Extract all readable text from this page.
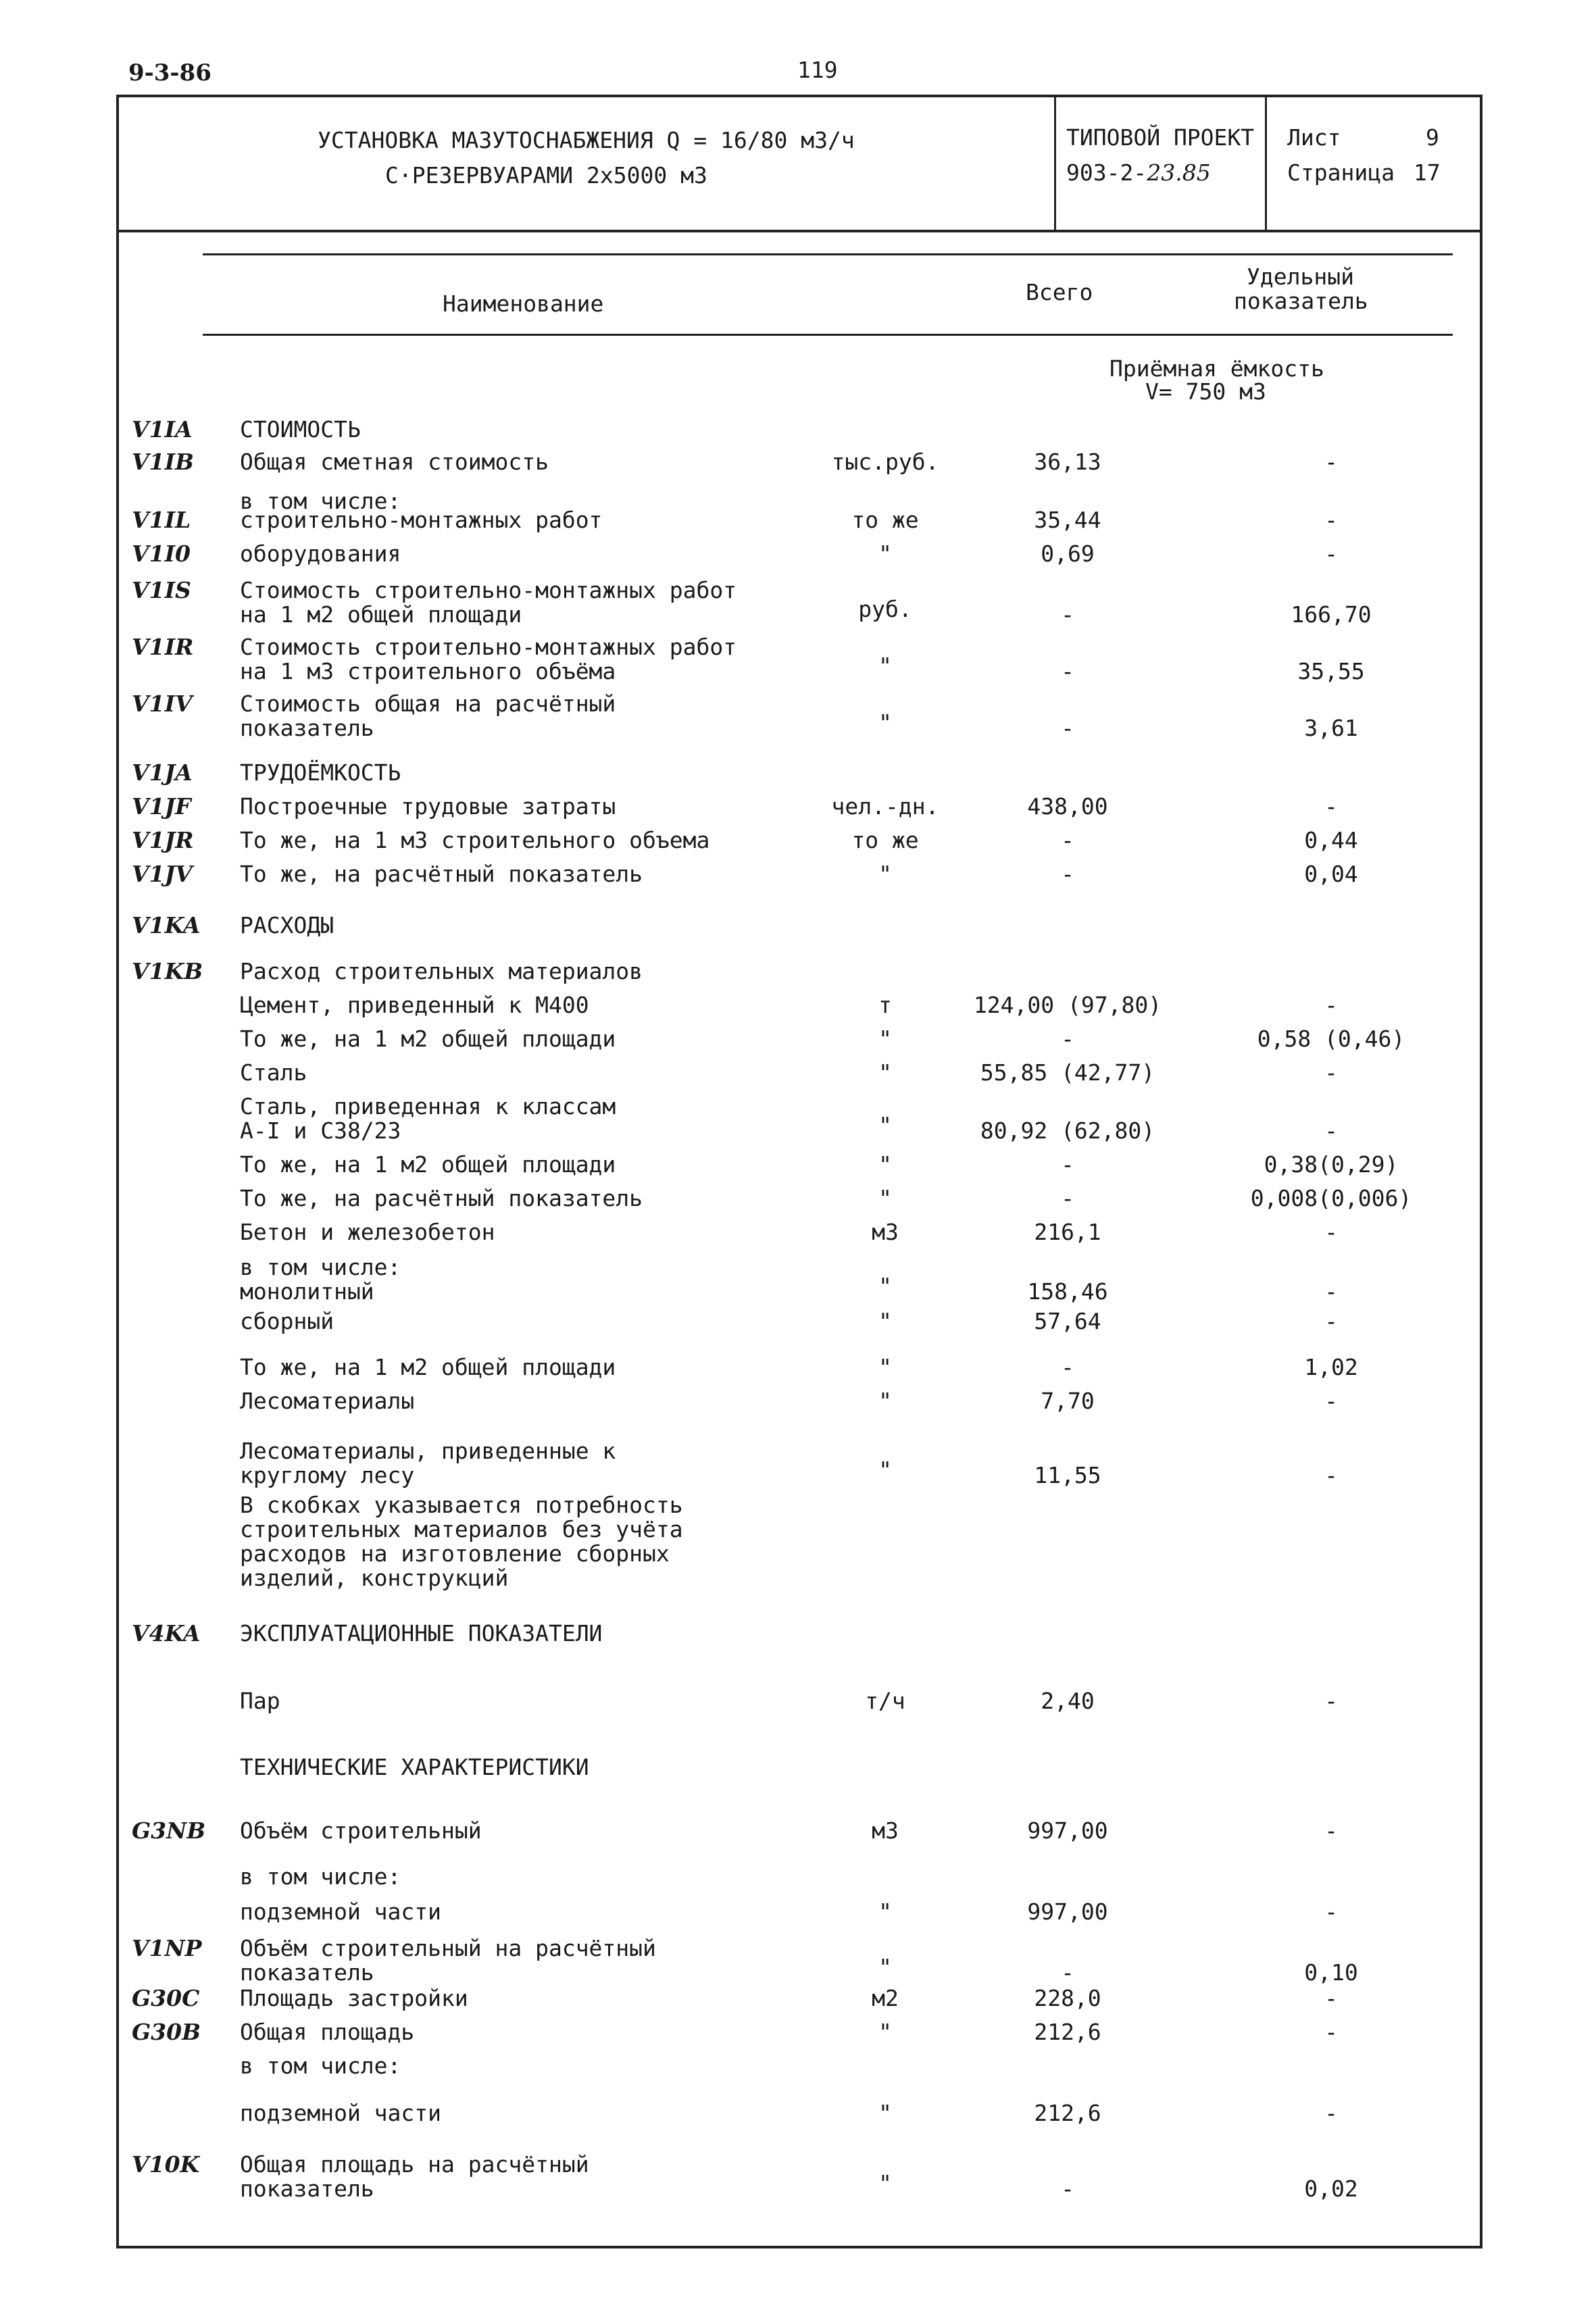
9-3-86	119
УСТАНОВКА МАЗУТОСНАБЖЕНИЯ Q = 16/80 м3/ч
С·РЕЗЕРВУАРАМИ 2х5000 м3
ТИПОВОЙ ПРОЕКТ
903-2-23.85
Лист	9
Страница 17
Наименование	Всего
Удельный
показатель
Приёмная ёмкость
V= 750 м3
V1IA СТОИМОСТЬ
V1IB Общая сметная стоимость	тыс.руб.	36,13	-
в том числе:
V1IL строительно-монтажных работ	то же	35,44	-
V1I0 оборудования	"	0,69	-
V1IS Стоимость строительно-монтажных работ
на 1 м2 общей площади	руб.	-	166,70
V1IR Стоимость строительно-монтажных работ
на 1 м3 строительного объёма	"	-	35,55
V1IV Стоимость общая на расчётный
показатель	"	-	3,61
V1JA ТРУДОЁМКОСТЬ
V1JF Построечные трудовые затраты	чел.-дн.	438,00	-
V1JR То же, на 1 м3 строительного объема	то же	-	0,44
V1JV То же, на расчётный показатель	"	-	0,04
V1KA РАСХОДЫ
V1KB Расход строительных материалов
Цемент, приведенный к М400	т	124,00 (97,80)	-
То же, на 1 м2 общей площади	"	-	0,58 (0,46)
Сталь	"	55,85 (42,77)	-
Сталь, приведенная к классам
А-I и С38/23	"	80,92 (62,80)	-
То же, на 1 м2 общей площади	"	-	0,38(0,29)
То же, на расчётный показатель	"	-	0,008(0,006)
Бетон и железобетон	м3	216,1	-
в том числе:
монолитный	"	158,46	-
сборный	"	57,64	-
То же, на 1 м2 общей площади	"	-	1,02
Лесоматериалы	"	7,70	-
Лесоматериалы, приведенные к
круглому лесу	"	11,55	-
В скобках указывается потребность
строительных материалов без учёта
расходов на изготовление сборных
изделий, конструкций
V4KA ЭКСПЛУАТАЦИОННЫЕ ПОКАЗАТЕЛИ
Пар	т/ч	2,40	-
ТЕХНИЧЕСКИЕ ХАРАКТЕРИСТИКИ
G3NB Объём строительный	м3	997,00	-
в том числе:
подземной части	"	997,00	-
V1NP Объём строительный на расчётный
показатель	"	-	0,10
G30C Площадь застройки	м2	228,0	-
G30B Общая площадь	"	212,6	-
в том числе:
подземной части	"	212,6	-
V10K Общая площадь на расчётный
показатель	"	-	0,02
